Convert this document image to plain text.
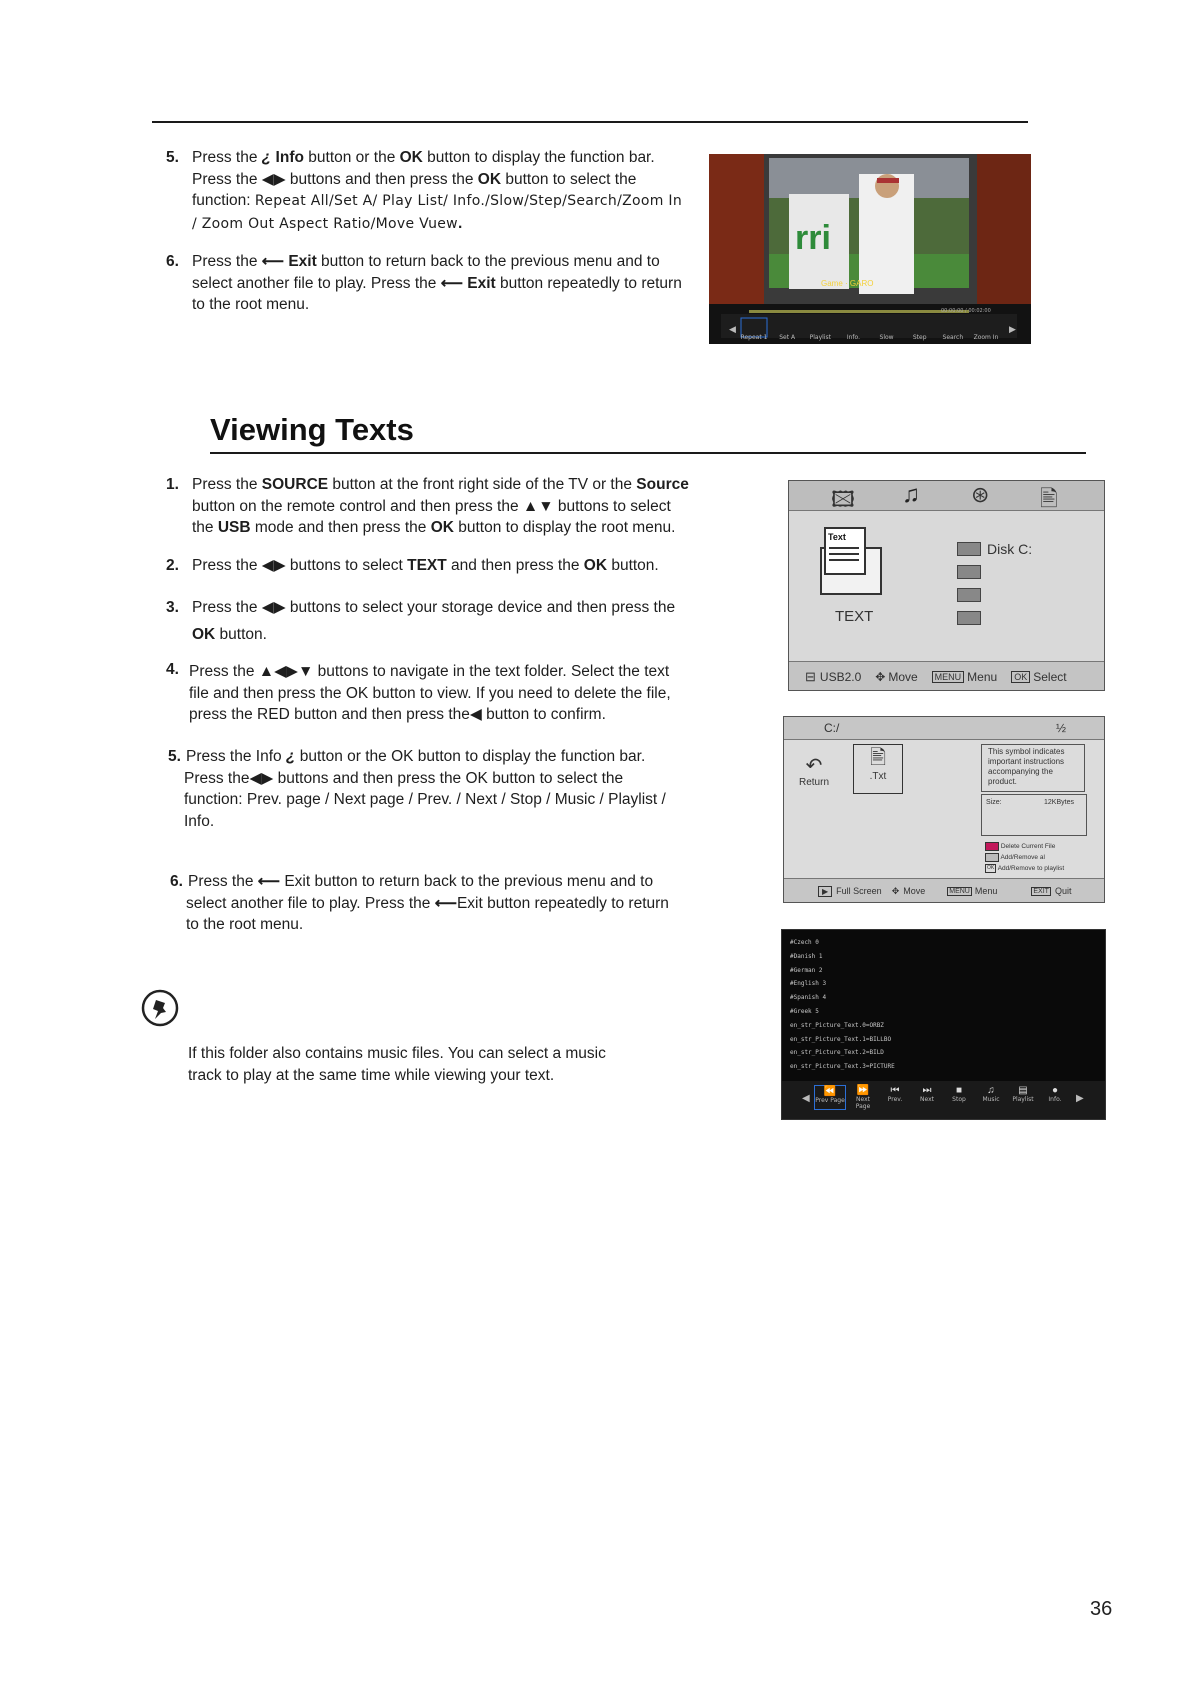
5. Press the ¿ Info button or the OK button to display the function bar.
Press the ◀▶ buttons and then press the OK button to select the
function: Repeat All/Set A/ Play List/ Info./Slow/Step/Search/Zoom In
/ Zoom Out Aspect Ratio/Move Vuew.
6. Press the ⟵ Exit button to return back to the previous menu and to
select another file to play. Press the ⟵ Exit button repeatedly to return
to the root menu.
rri
Game · GARO
00:00:00 / 00:02:00
◀	▶
Repeat 1	Set A	Playlist	Info.	Slow	Step	Search	Zoom In
Viewing Texts
1. Press the SOURCE button at the front right side of the TV or the Source
button on the remote control and then press the ▲▼ buttons to select
the USB mode and then press the OK button to display the root menu.
2. Press the ◀▶ buttons to select TEXT and then press the OK button.
3. Press the ◀▶ buttons to select your storage device and then press the
OK button.
4. Press the ▲◀▶▼ buttons to navigate in the text folder. Select the text
file and then press the OK button to view. If you need to delete the file,
press the RED button and then press the◀ button to confirm.
5. Press the Info ¿ button or the OK button to display the function bar.
Press the◀▶ buttons and then press the OK button to select the
function: Prev. page / Next page / Prev. / Next / Stop / Music / Playlist /
Info.
6. Press the ⟵ Exit button to return back to the previous menu and to
select another file to play. Press the ⟵Exit button repeatedly to return
to the root menu.
If this folder also contains music files. You can select a music
track to play at the same time while viewing your text.
🖾 ♫ ⊛ 🖹
Text
TEXT
Disk C:
⊟ USB2.0 ✥ Move	MENU Menu	OK Select
C:/	½
↶
Return
🖹
.Txt
This symbol indicates important instructions accompanying the product.
Size:	12KBytes
Delete Current File
Add/Remove al
OK Add/Remove to playlist
▶ Full Screen ✥ Move	MENU Menu	EXIT Quit
#Czech 0
#Danish 1
#German 2
#English 3
#Spanish 4
#Greek 5
en_str_Picture_Text.0=ORBZ
en_str_Picture_Text.1=BILLBO
en_str_Picture_Text.2=BILD
en_str_Picture_Text.3=PICTURE
◀	▶
⏪
Prev Page
⏩
Next Page
⏮
Prev.
⏭
Next
■
Stop
♫
Music
▤
Playlist
●
Info.
36
